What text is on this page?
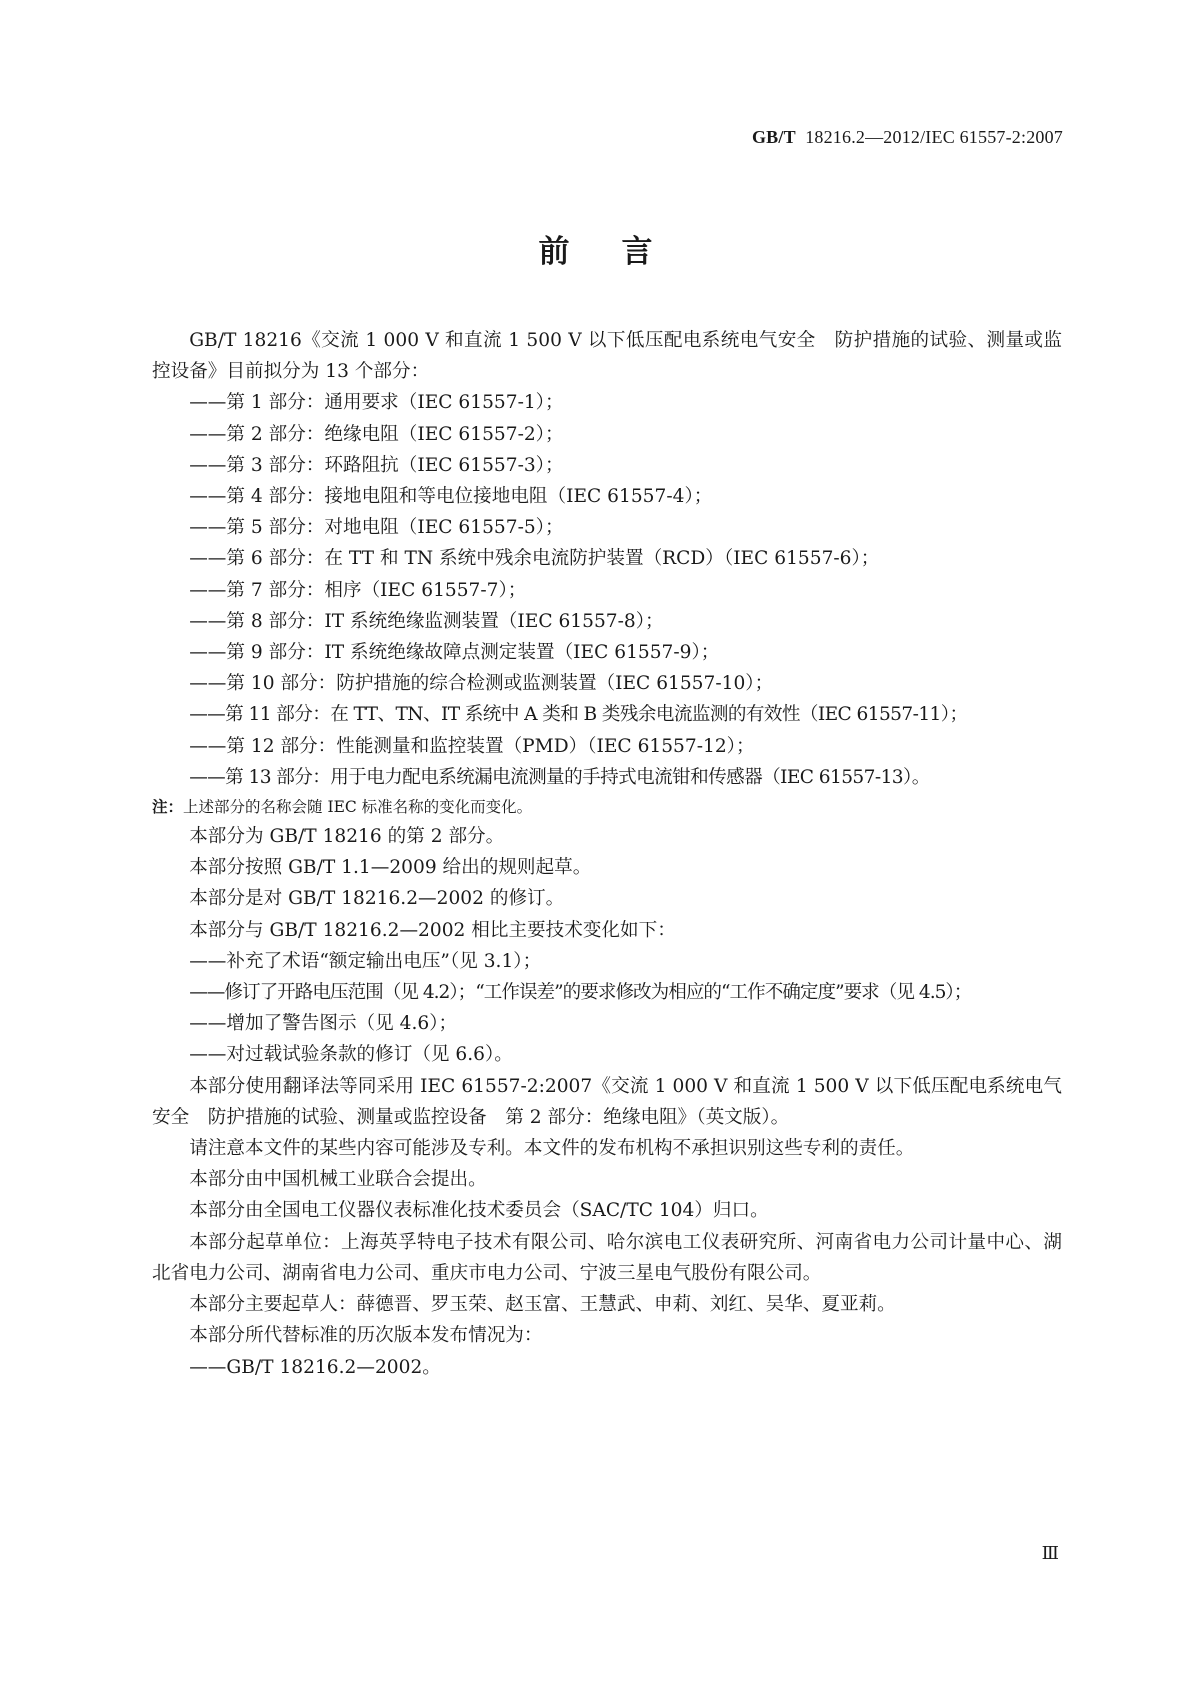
GB/T 18216.2—2012/IEC 61557-2:2007
前言

GB/T 18216《交流 1 000 V 和直流 1 500 V 以下低压配电系统电气安全　防护措施的试验、测量或监控设备》目前拟分为 13 个部分：

——第 1 部分：通用要求（IEC 61557-1）；

——第 2 部分：绝缘电阻（IEC 61557-2）；

——第 3 部分：环路阻抗（IEC 61557-3）；

——第 4 部分：接地电阻和等电位接地电阻（IEC 61557-4）；

——第 5 部分：对地电阻（IEC 61557-5）；

——第 6 部分：在 TT 和 TN 系统中残余电流防护装置（RCD）（IEC 61557-6）；

——第 7 部分：相序（IEC 61557-7）；

——第 8 部分：IT 系统绝缘监测装置（IEC 61557-8）；

——第 9 部分：IT 系统绝缘故障点测定装置（IEC 61557-9）；

——第 10 部分：防护措施的综合检测或监测装置（IEC 61557-10）；

——第 11 部分：在 TT、TN、IT 系统中 A 类和 B 类残余电流监测的有效性（IEC 61557-11）；

——第 12 部分：性能测量和监控装置（PMD）（IEC 61557-12）；

——第 13 部分：用于电力配电系统漏电流测量的手持式电流钳和传感器（IEC 61557-13）。

注：上述部分的名称会随 IEC 标准名称的变化而变化。

本部分为 GB/T 18216 的第 2 部分。

本部分按照 GB/T 1.1—2009 给出的规则起草。

本部分是对 GB/T 18216.2—2002 的修订。

本部分与 GB/T 18216.2—2002 相比主要技术变化如下：

——补充了术语“额定输出电压”（见 3.1）；

——修订了开路电压范围（见 4.2）；“工作误差”的要求修改为相应的“工作不确定度”要求（见 4.5）；

——增加了警告图示（见 4.6）；

——对过载试验条款的修订（见 6.6）。

本部分使用翻译法等同采用 IEC 61557-2:2007《交流 1 000 V 和直流 1 500 V 以下低压配电系统电气安全　防护措施的试验、测量或监控设备　第 2 部分：绝缘电阻》（英文版）。

请注意本文件的某些内容可能涉及专利。本文件的发布机构不承担识别这些专利的责任。

本部分由中国机械工业联合会提出。

本部分由全国电工仪器仪表标准化技术委员会（SAC/TC 104）归口。

本部分起草单位：上海英孚特电子技术有限公司、哈尔滨电工仪表研究所、河南省电力公司计量中心、湖北省电力公司、湖南省电力公司、重庆市电力公司、宁波三星电气股份有限公司。

本部分主要起草人：薛德晋、罗玉荣、赵玉富、王慧武、申莉、刘红、吴华、夏亚莉。

本部分所代替标准的历次版本发布情况为：

——GB/T 18216.2—2002。

Ⅲ
